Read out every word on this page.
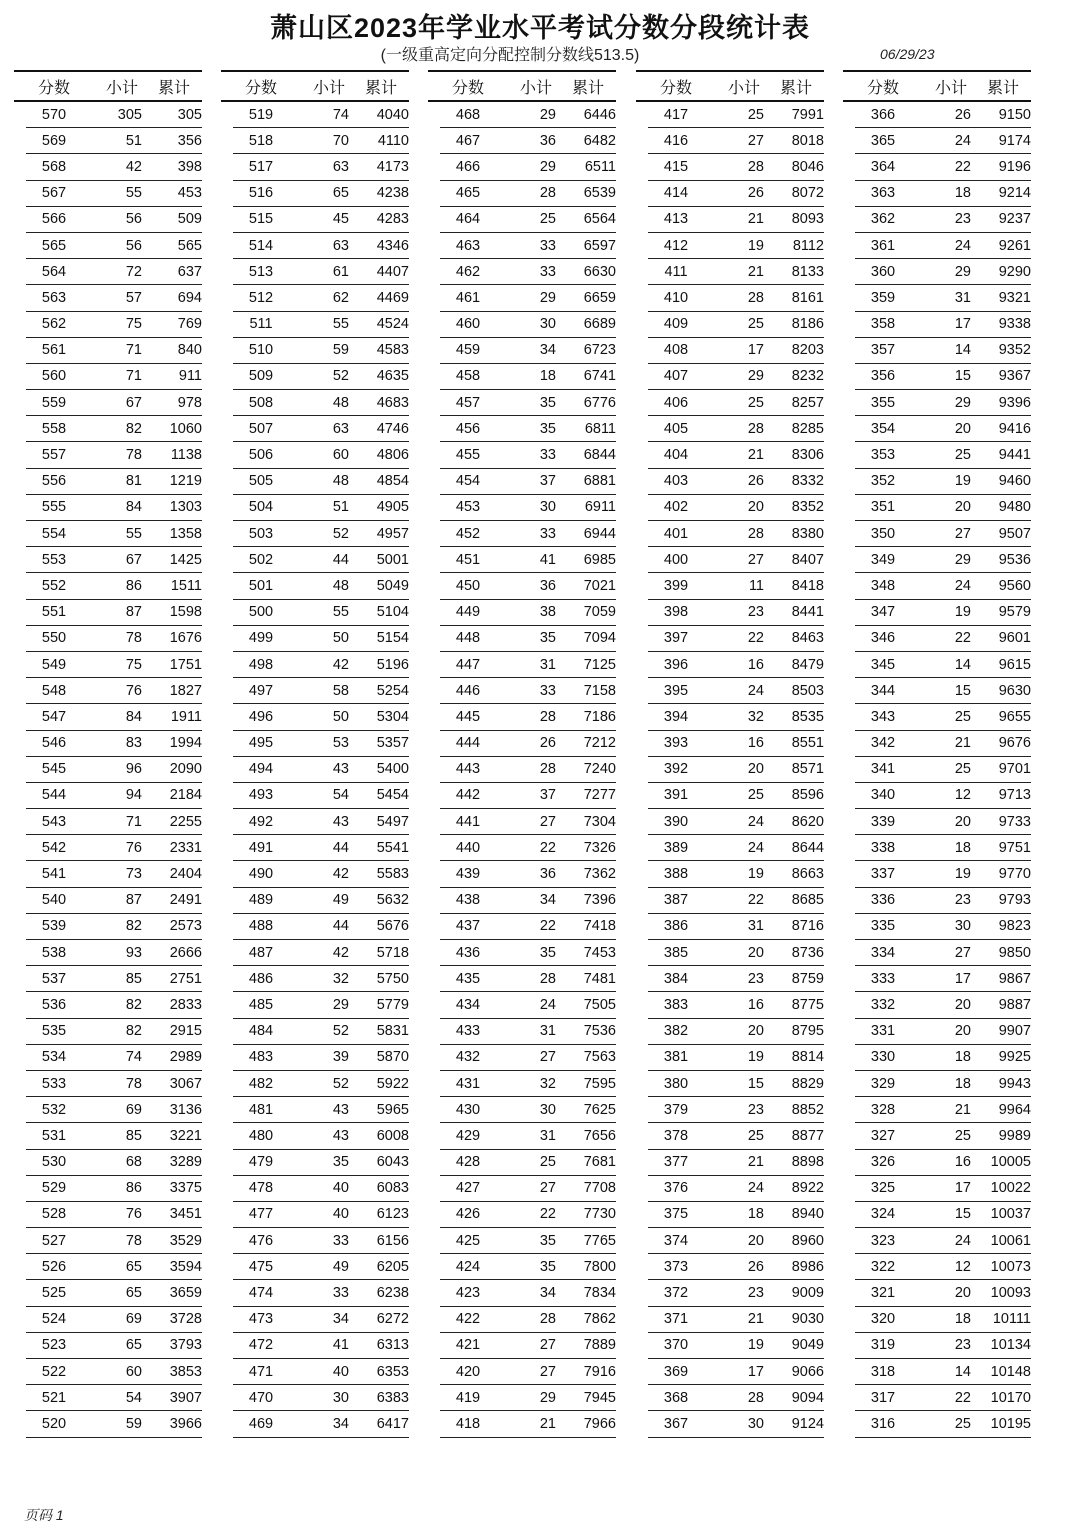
萧山区2023年学业水平考试分数分段统计表
(一级重高定向分配控制分数线513.5)	06/29/23
分数	小计	累计
570	305	305
569	51	356
568	42	398
567	55	453
566	56	509
565	56	565
564	72	637
563	57	694
562	75	769
561	71	840
560	71	911
559	67	978
558	82	1060
557	78	1138
556	81	1219
555	84	1303
554	55	1358
553	67	1425
552	86	1511
551	87	1598
550	78	1676
549	75	1751
548	76	1827
547	84	1911
546	83	1994
545	96	2090
544	94	2184
543	71	2255
542	76	2331
541	73	2404
540	87	2491
539	82	2573
538	93	2666
537	85	2751
536	82	2833
535	82	2915
534	74	2989
533	78	3067
532	69	3136
531	85	3221
530	68	3289
529	86	3375
528	76	3451
527	78	3529
526	65	3594
525	65	3659
524	69	3728
523	65	3793
522	60	3853
521	54	3907
520	59	3966
分数	小计	累计
519	74	4040
518	70	4110
517	63	4173
516	65	4238
515	45	4283
514	63	4346
513	61	4407
512	62	4469
511	55	4524
510	59	4583
509	52	4635
508	48	4683
507	63	4746
506	60	4806
505	48	4854
504	51	4905
503	52	4957
502	44	5001
501	48	5049
500	55	5104
499	50	5154
498	42	5196
497	58	5254
496	50	5304
495	53	5357
494	43	5400
493	54	5454
492	43	5497
491	44	5541
490	42	5583
489	49	5632
488	44	5676
487	42	5718
486	32	5750
485	29	5779
484	52	5831
483	39	5870
482	52	5922
481	43	5965
480	43	6008
479	35	6043
478	40	6083
477	40	6123
476	33	6156
475	49	6205
474	33	6238
473	34	6272
472	41	6313
471	40	6353
470	30	6383
469	34	6417
分数	小计	累计
468	29	6446
467	36	6482
466	29	6511
465	28	6539
464	25	6564
463	33	6597
462	33	6630
461	29	6659
460	30	6689
459	34	6723
458	18	6741
457	35	6776
456	35	6811
455	33	6844
454	37	6881
453	30	6911
452	33	6944
451	41	6985
450	36	7021
449	38	7059
448	35	7094
447	31	7125
446	33	7158
445	28	7186
444	26	7212
443	28	7240
442	37	7277
441	27	7304
440	22	7326
439	36	7362
438	34	7396
437	22	7418
436	35	7453
435	28	7481
434	24	7505
433	31	7536
432	27	7563
431	32	7595
430	30	7625
429	31	7656
428	25	7681
427	27	7708
426	22	7730
425	35	7765
424	35	7800
423	34	7834
422	28	7862
421	27	7889
420	27	7916
419	29	7945
418	21	7966
分数	小计	累计
417	25	7991
416	27	8018
415	28	8046
414	26	8072
413	21	8093
412	19	8112
411	21	8133
410	28	8161
409	25	8186
408	17	8203
407	29	8232
406	25	8257
405	28	8285
404	21	8306
403	26	8332
402	20	8352
401	28	8380
400	27	8407
399	11	8418
398	23	8441
397	22	8463
396	16	8479
395	24	8503
394	32	8535
393	16	8551
392	20	8571
391	25	8596
390	24	8620
389	24	8644
388	19	8663
387	22	8685
386	31	8716
385	20	8736
384	23	8759
383	16	8775
382	20	8795
381	19	8814
380	15	8829
379	23	8852
378	25	8877
377	21	8898
376	24	8922
375	18	8940
374	20	8960
373	26	8986
372	23	9009
371	21	9030
370	19	9049
369	17	9066
368	28	9094
367	30	9124
分数	小计	累计
366	26	9150
365	24	9174
364	22	9196
363	18	9214
362	23	9237
361	24	9261
360	29	9290
359	31	9321
358	17	9338
357	14	9352
356	15	9367
355	29	9396
354	20	9416
353	25	9441
352	19	9460
351	20	9480
350	27	9507
349	29	9536
348	24	9560
347	19	9579
346	22	9601
345	14	9615
344	15	9630
343	25	9655
342	21	9676
341	25	9701
340	12	9713
339	20	9733
338	18	9751
337	19	9770
336	23	9793
335	30	9823
334	27	9850
333	17	9867
332	20	9887
331	20	9907
330	18	9925
329	18	9943
328	21	9964
327	25	9989
326	16	10005
325	17	10022
324	15	10037
323	24	10061
322	12	10073
321	20	10093
320	18	10111
319	23	10134
318	14	10148
317	22	10170
316	25	10195
页码 1
